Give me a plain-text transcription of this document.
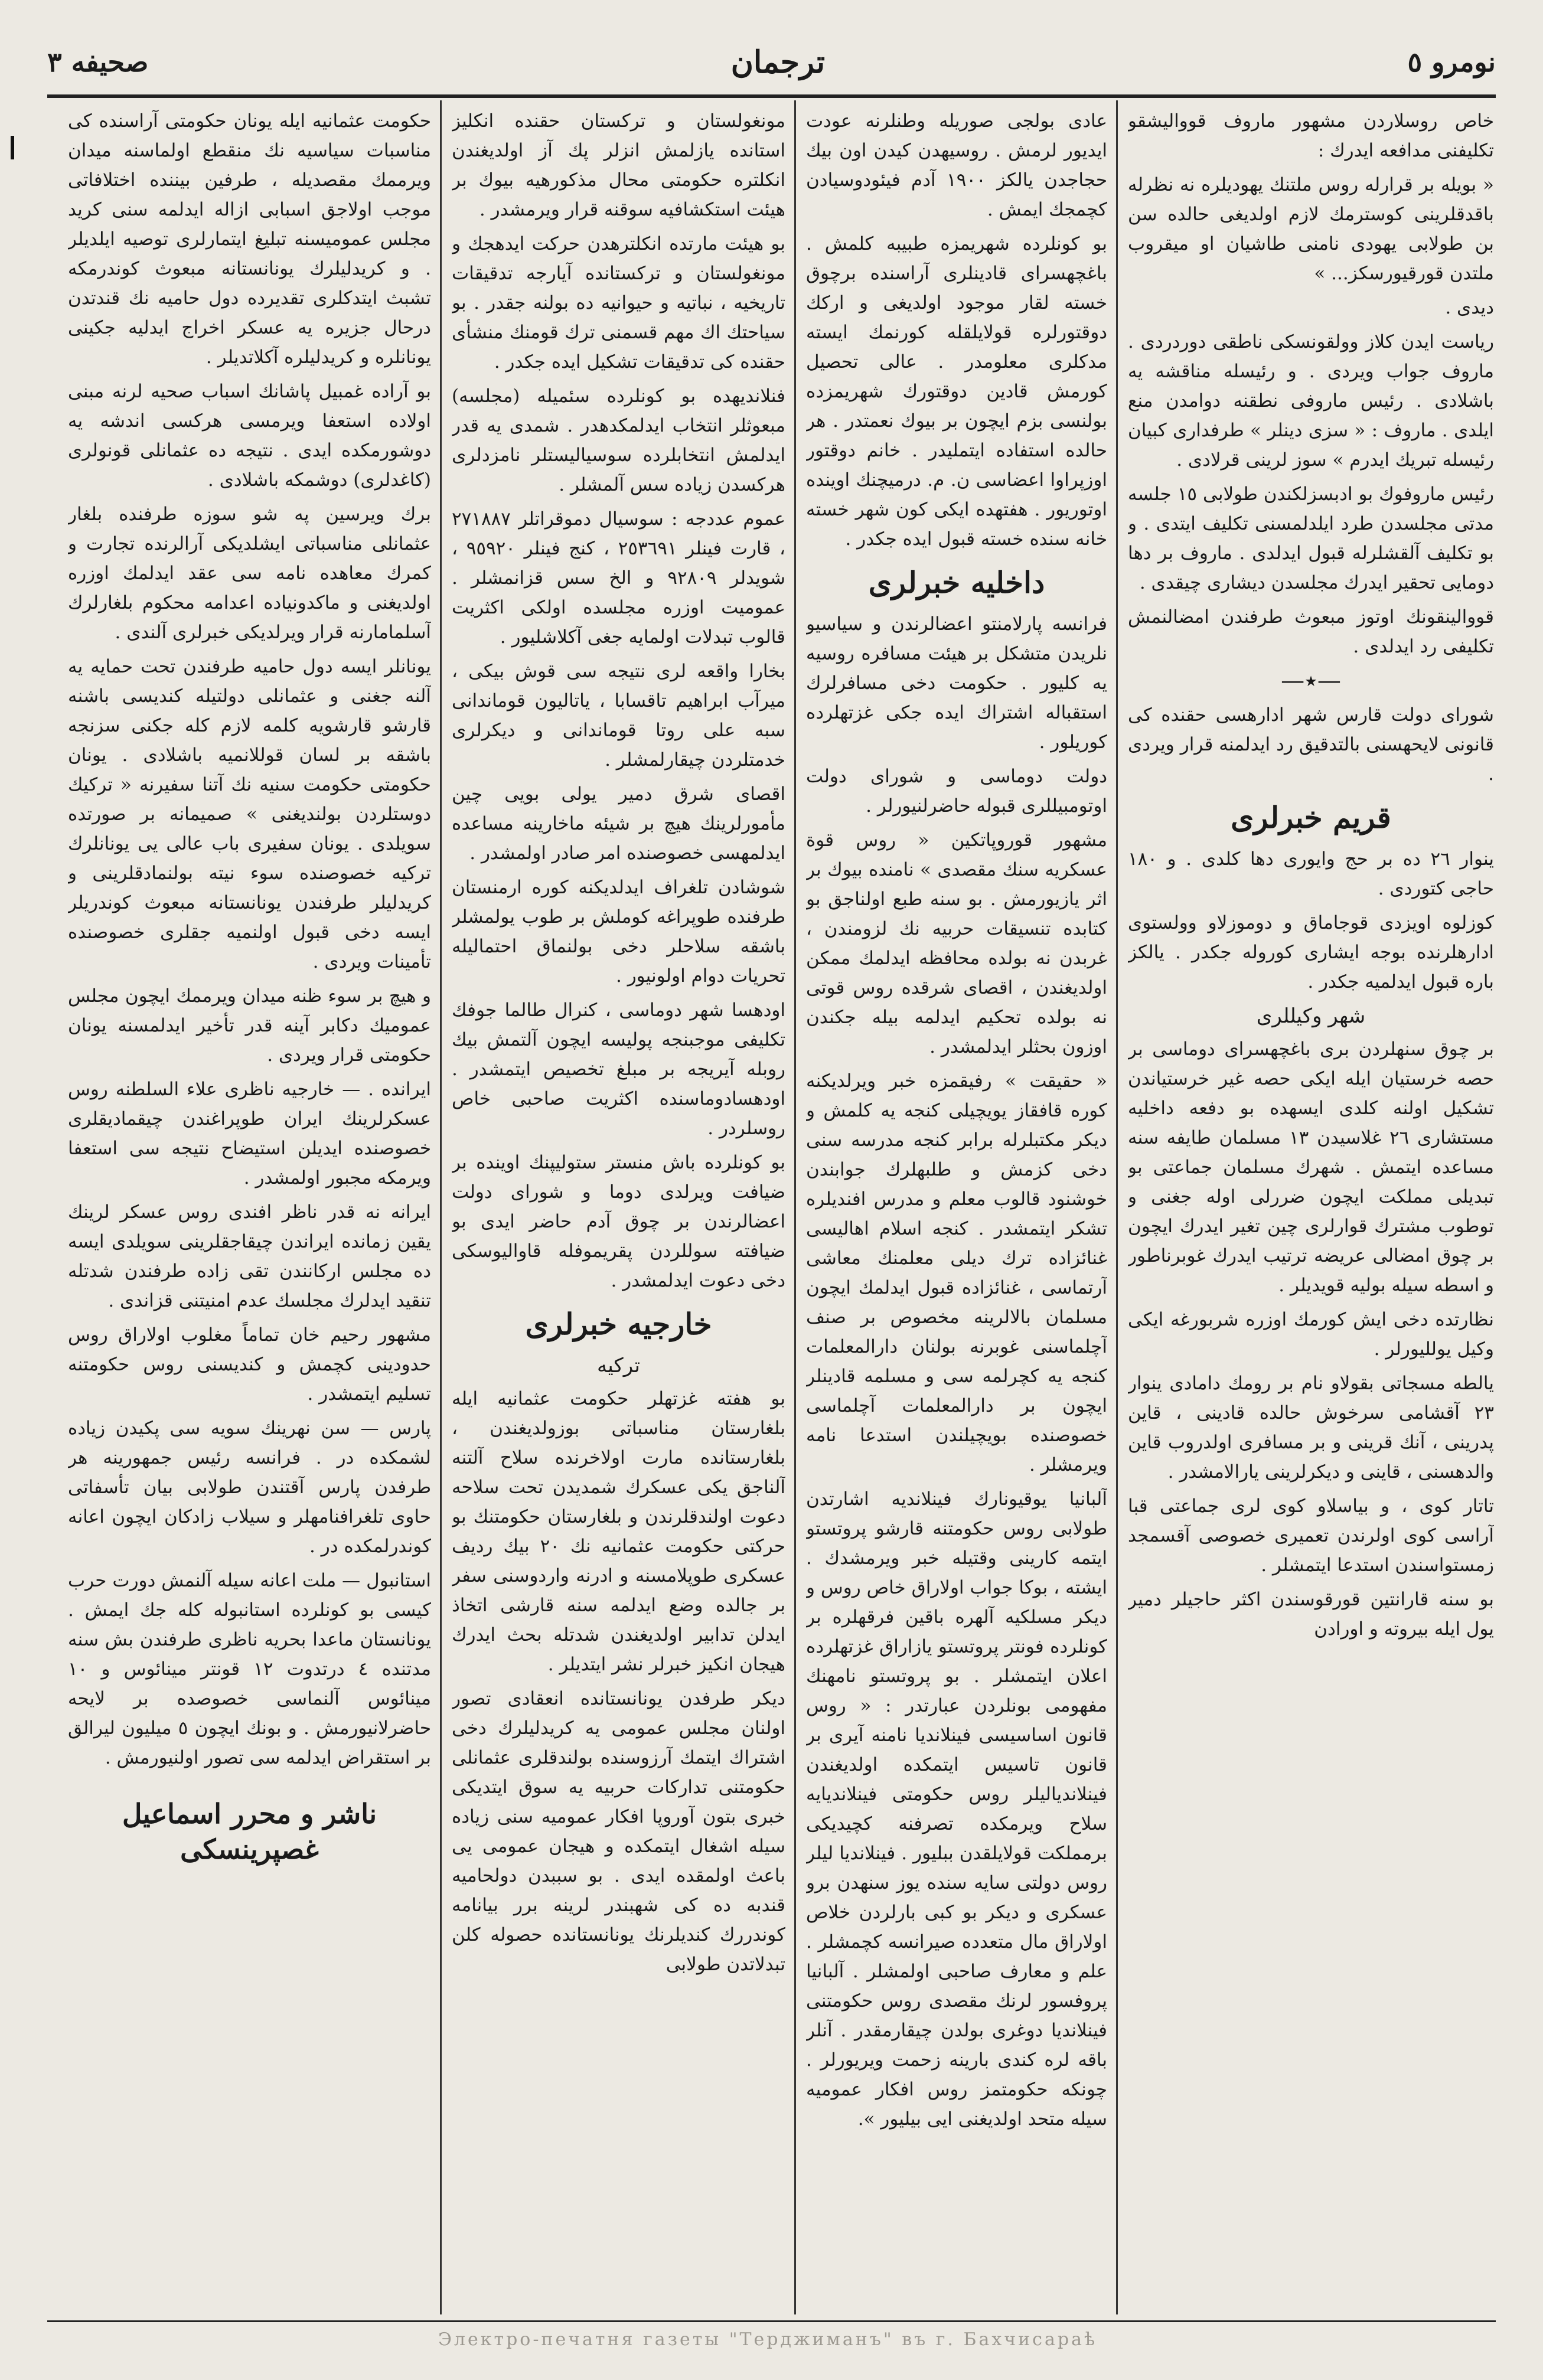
نومرو ٥
ترجمان
صحيفه ٣

خاص روسلاردن مشهور ماروف قوواليشقو تكليفنى مدافعه ايدرك :

« بويله بر قرارله روس ملتنك يهوديلره نه نظرله باقدقلرينى كوسترمك لازم اولديغى حالده سن بن طولابى يهودى نامنى طاشيان او ميقروب ملتدن قورقيورسكز... »

ديدى .

رياست ايدن كلاز وولقونسكى ناطقى دوردردى . ماروف جواب ويردى . و رئيسله مناقشه يه باشلادى . رئيس ماروفى نطقنه دوامدن منع ايلدى . ماروف : « سزى دينلر » طرفدارى كبيان رئيسله تبريك ايدرم » سوز لرينى قرلادى .

رئيس ماروفوك بو ادبسزلكندن طولابى ١٥ جلسه مدتى مجلسدن طرد ايلدلمسنى تكليف ايتدى . و بو تكليف آلقشلرله قبول ايدلدى . ماروف بر دها دومايى تحقير ايدرك مجلسدن ديشارى چيقدى .

قووالينقونك اوتوز مبعوث طرفندن امضالنمش تكليفى رد ايدلدى .

—٭—

شوراى دولت قارس شهر ادارهسى حقنده كى قانونى لايحهسنى بالتدقيق رد ايدلمنه قرار ويردى .

قريم خبرلرى

ينوار ٢٦ ده بر حج وايورى دها كلدى . و ١٨٠ حاجى كتوردى .

كوزلوه اويزدى قوجاماق و دوموزلاو وولستوى ادارهلرنده بوجه ايشارى كوروله جكدر . يالكز باره قبول ايدلميه جكدر .

شهر وكيللرى

بر چوق سنهلردن برى باغچهسراى دوماسى بر حصه خرستيان ايله ايكى حصه غير خرستياندن تشكيل اولنه كلدى ايسهده بو دفعه داخليه مستشارى ٢٦ غلاسيدن ١٣ مسلمان طايفه سنه مساعده ايتمش . شهرك مسلمان جماعتى بو تبديلى مملكت ايچون ضررلى اوله جغنى و توطوب مشترك قوارلرى چين تغير ايدرك ايچون بر چوق امضالى عريضه ترتيب ايدرك غوبرناطور و اسطه سيله بوليه قويديلر .

نظارتده دخى ايش كورمك اوزره شربورغه ايكى وكيل يولليورلر .

يالطه مسجاتى بقولاو نام بر رومك دامادى ينوار ٢٣ آقشامى سرخوش حالده قادينى ، قاين پدرينى ، آنك قرينى و بر مسافرى اولدروب قاين والدهسنى ، قاينى و ديكرلرينى يارالامشدر .

تاتار كوى ، و بياسلاو كوى لرى جماعتى قبا آراسى كوى اولرندن تعميرى خصوصى آقسمجد زمستواسندن استدعا ايتمشلر .

بو سنه قارانتين قورقوسندن اكثر حاجيلر دمير يول ايله بيروته و اورادن

عادى بولجى صوريله وطنلرنه عودت ايديور لرمش . روسيهدن كيدن اون بيك حجاجدن يالكز ١٩٠٠ آدم فيئودوسيادن كچمجك ايمش .

بو كونلرده شهريمزه طبيبه كلمش . باغچهسراى قادينلرى آراسنده برچوق خسته لقار موجود اولديغى و اركك دوقتورلره قولايلقله كورنمك ايسته مدكلرى معلومدر . عالى تحصيل كورمش قادين دوقتورك شهريمزده بولنسى بزم ايچون بر بيوك نعمتدر . هر حالده استفاده ايتمليدر . خانم دوقتور اوزپراوا اعضاسى ن. م. درميچنك اوينده اوتوريور . هفتهده ايكى كون شهر خسته خانه سنده خسته قبول ايده جكدر .

داخليه خبرلرى

فرانسه پارلامنتو اعضالرندن و سياسيو نلريدن متشكل بر هيئت مسافره روسيه يه كليور . حكومت دخى مسافرلرك استقباله اشتراك ايده جكى غزتهلرده كوريلور .

دولت دوماسى و شوراى دولت اوتومبيللرى قبوله حاضرلنيورلر .

مشهور قوروپاتكين « روس قوة عسكريه سنك مقصدى » نامنده بيوك بر اثر يازيورمش . بو سنه طبع اولناجق بو كتابده تنسيقات حربيه نك لزومندن ، غربدن نه بولده محافظه ايدلمك ممكن اولديغندن ، اقصاى شرقده روس قوتى نه بولده تحكيم ايدلمه بيله جكندن اوزون بحثلر ايدلمشدر .

« حقيقت » رفيقمزه خبر ويرلديكنه كوره قافقاز يويچيلى كنجه يه كلمش و ديكر مكتبلرله برابر كنجه مدرسه سنى دخى كزمش و طلبهلرك جوابندن خوشنود قالوب معلم و مدرس افنديلره تشكر ايتمشدر . كنجه اسلام اهاليسى غنائزاده ترك ديلى معلمنك معاشى آرتماسى ، غنائزاده قبول ايدلمك ايچون مسلمان بالالرينه مخصوص بر صنف آچلماسنى غوبرنه بولنان دارالمعلمات كنجه يه كچرلمه سى و مسلمه قادينلر ايچون بر دارالمعلمات آچلماسى خصوصنده بويچيلندن استدعا نامه ويرمشلر .

آلبانيا يوقيونارك فينلانديه اشارتدن طولابى روس حكومتنه قارشو پروتستو ايتمه كارينى وقتيله خبر ويرمشدك . ايشته ، بوكا جواب اولاراق خاص روس و ديكر مسلكيه آلهره باقين فرقهلره بر كونلرده فونتر پروتستو يازاراق غزتهلرده اعلان ايتمشلر . بو پروتستو نامهنك مفهومى بونلردن عبارتدر : « روس قانون اساسيسى فينلانديا نامنه آيرى بر قانون تاسيس ايتمكده اولديغندن فينلاندياليلر روس حكومتى فينلانديايه سلاح ويرمكده تصرفنه كچيديكى برمملكت قولايلقدن ببليور . فينلانديا ليلر روس دولتى سايه سنده يوز سنهدن برو عسكرى و ديكر بو كبى بارلردن خلاص اولاراق مال متعدده صيرانسه كچمشلر . علم و معارف صاحبى اولمشلر . آلبانيا پروفسور لرنك مقصدى روس حكومتنى فينلانديا دوغرى بولدن چيقارمقدر . آنلر باقه لره كندى بارينه زحمت ويريورلر . چونكه حكومتمز روس افكار عموميه سيله متحد اولديغنى ايى بيليور ».

مونغولستان و تركستان حقنده انكليز استانده يازلمش انزلر پك آز اولديغندن انكلتره حكومتى محال مذكورهيه بيوك بر هيئت استكشافيه سوقنه قرار ويرمشدر .

بو هيئت مارتده انكلترهدن حركت ايدهجك و مونغولستان و تركستانده آيارجه تدقيقات تاريخيه ، نباتيه و حيوانيه ده بولنه جقدر . بو سياحتك اك مهم قسمنى ترك قومنك منشأى حقنده كى تدقيقات تشكيل ايده جكدر .

فنلانديهده بو كونلرده سئميله (مجلسه) مبعوثلر انتخاب ايدلمكدهدر . شمدى يه قدر ايدلمش انتخابلرده سوسياليستلر نامزدلرى هركسدن زياده سس آلمشلر .

عموم عددجه : سوسيال دموقراتلر ٢٧١٨٨٧ ، قارت فينلر ٢٥٣٦٩١ ، كنج فينلر ٩٥٩٢٠ ، شويدلر ٩٢٨٠٩ و الخ سس قزانمشلر . عموميت اوزره مجلسده اولكى اكثريت قالوب تبدلات اولمايه جغى آكلاشليور .

بخارا واقعه لرى نتيجه سى قوش بيكى ، ميرآب ابراهيم تاقسابا ، ياتاليون قوماندانى سبه على روتا قوماندانى و ديكرلرى خدمتلردن چيقارلمشلر .

اقصاى شرق دمير يولى بويى چين مأمورلرينك هيچ بر شيئه ماخارينه مساعده ايدلمهسى خصوصنده امر صادر اولمشدر .

شوشادن تلغراف ايدلديكنه كوره ارمنستان طرفنده طوپراغه كوملش بر طوب يولمشلر باشقه سلاحلر دخى بولنماق احتماليله تحريات دوام اولونيور .

اودهسا شهر دوماسى ، كنرال طالما جوفك تكليفى موجبنجه پوليسه ايچون آلتمش بيك روبله آيريجه بر مبلغ تخصيص ايتمشدر . اودهسادوماسنده اكثريت صاحبى خاص روسلردر .

بو كونلرده باش منستر ستوليپنك اوينده بر ضيافت ويرلدى دوما و شوراى دولت اعضالرندن بر چوق آدم حاضر ايدى بو ضيافته سوللردن پقريموفله قاواليوسكى دخى دعوت ايدلمشدر .

خارجيه خبرلرى
تركيه

بو هفته غزتهلر حكومت عثمانيه ايله بلغارستان مناسباتى بوزولديغندن ، بلغارستانده مارت اولاخرنده سلاح آلتنه آلناجق يكى عسكرك شمديدن تحت سلاحه دعوت اولندقلرندن و بلغارستان حكومتنك بو حركتى حكومت عثمانيه نك ٢٠ بيك رديف عسكرى طوپلامسنه و ادرنه واردوسنى سفر بر جالده وضع ايدلمه سنه قارشى اتخاذ ايدلن تدابير اولديغندن شدتله بحث ايدرك هيجان انكيز خبرلر نشر ايتديلر .

ديكر طرفدن يونانستانده انعقادى تصور اولنان مجلس عمومى يه كريدليلرك دخى اشتراك ايتمك آرزوسنده بولندقلرى عثمانلى حكومتنى تداركات حربيه يه سوق ايتديكى خبرى بتون آوروپا افكار عموميه سنى زياده سيله اشغال ايتمكده و هيجان عمومى يى باعث اولمقده ايدى . بو سببدن دولحاميه قندبه ده كى شهبندر لرينه برر بيانامه كوندررك كنديلرنك يونانستانده حصوله كلن تبدلاتدن طولابى

حكومت عثمانيه ايله يونان حكومتى آراسنده كى مناسبات سياسيه نك منقطع اولماسنه ميدان ويرممك مقصديله ، طرفين بيننده اختلافاتى موجب اولاجق اسبابى ازاله ايدلمه سنى كريد مجلس عموميسنه تبليغ ايتمارلرى توصيه ايلديلر . و كريدليلرك يونانستانه مبعوث كوندرمكه تشبث ايتدكلرى تقديرده دول حاميه نك قندتدن درحال جزيره يه عسكر اخراج ايدليه جكينى يونانلره و كريدليلره آكلاتديلر .

بو آراده غمبيل پاشانك اسباب صحيه لرنه مبنى اولاده استعفا ويرمسى هركسى اندشه يه دوشورمكده ايدى . نتيجه ده عثمانلى قونولرى (كاغدلرى) دوشمكه باشلادى .

برك ويرسين په شو سوزه طرفنده بلغار عثمانلى مناسباتى ايشلديكى آرالرنده تجارت و كمرك معاهده نامه سى عقد ايدلمك اوزره اولديغنى و ماكدونياده اعدامه محكوم بلغارلرك آسلمامارنه قرار ويرلديكى خبرلرى آلندى .

يونانلر ايسه دول حاميه طرفندن تحت حمايه يه آلنه جغنى و عثمانلى دولتيله كنديسى باشنه قارشو قارشويه كلمه لازم كله جكنى سزنجه باشقه بر لسان قوللانميه باشلادى . يونان حكومتى حكومت سنيه نك آتنا سفيرنه « تركيك دوستلردن بولنديغنى » صميمانه بر صورتده سويلدى . يونان سفيرى باب عالى يى يونانلرك تركيه خصوصنده سوء نيته بولنمادقلرينى و كريدليلر طرفندن يونانستانه مبعوث كوندريلر ايسه دخى قبول اولنميه جقلرى خصوصنده تأمينات ويردى .

و هيچ بر سوء ظنه ميدان ويرممك ايچون مجلس عموميك دكابر آينه قدر تأخير ايدلمسنه يونان حكومتى قرار ويردى .

ايرانده . — خارجيه ناظرى علاء السلطنه روس عسكرلرينك ايران طوپراغندن چيقماديقلرى خصوصنده ايديلن استيضاح نتيجه سى استعفا ويرمكه مجبور اولمشدر .

ايرانه نه قدر ناظر افندى روس عسكر لرينك يقين زمانده ايراندن چيقاجقلرينى سويلدى ايسه ده مجلس اركانندن تقى زاده طرفندن شدتله تنقيد ايدلرك مجلسك عدم امنيتنى قزاندى .

مشهور رحيم خان تماماً مغلوب اولاراق روس حدودينى كچمش و كنديسنى روس حكومتنه تسليم ايتمشدر .

پارس — سن نهرينك سويه سى پكيدن زياده لشمكده در . فرانسه رئيس جمهورينه هر طرفدن پارس آقتندن طولابى بيان تأسفاتى حاوى تلغرافنامهلر و سيلاب زادكان ايچون اعانه كوندرلمكده در .

استانبول — ملت اعانه سيله آلنمش دورت حرب كيسى بو كونلرده استانبوله كله جك ايمش . يونانستان ماعدا بحريه ناظرى طرفندن بش سنه مدتنده ٤ درتدوت ١٢ قونتر مينائوس و ١٠ مينائوس آلنماسى خصوصده بر لايحه حاضرلانيورمش . و بونك ايچون ٥ ميليون ليرالق بر استقراض ايدلمه سى تصور اولنيورمش .

ناشر و محرر اسماعيل غصپرينسكى
Электро-печатня газеты "Терджиманъ" въ г. Бахчисараѣ
